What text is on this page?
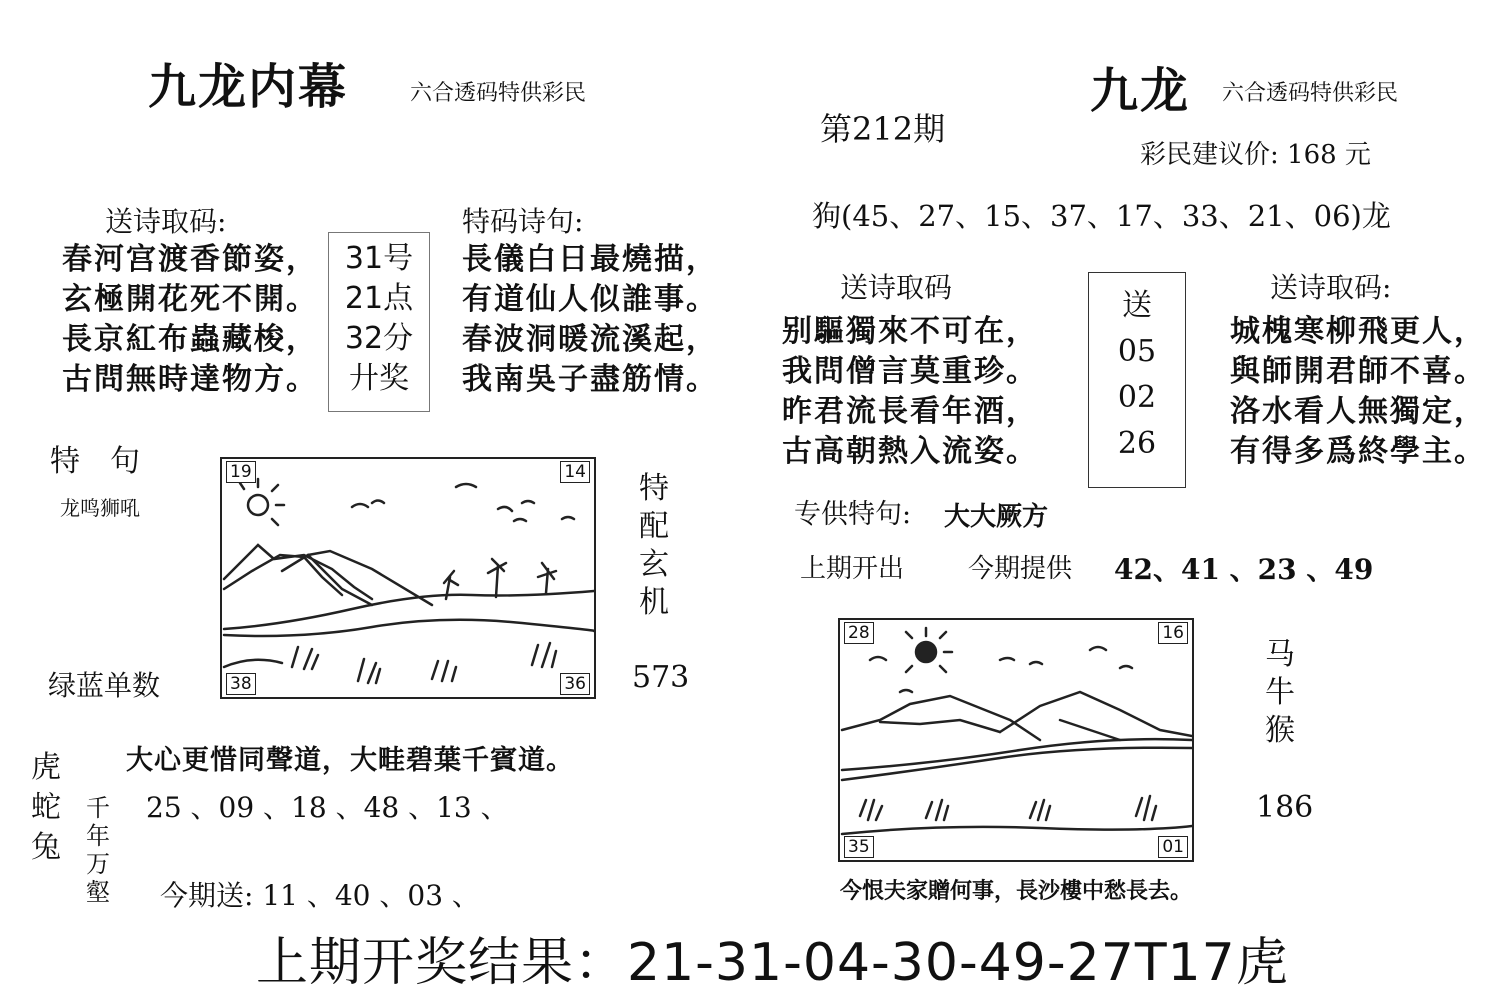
九龙内幕	六合透码特供彩民
送诗取码:
春河宫渡香節姿，
玄極開花死不開。
長京紅布蟲藏梭，
古問無時達物方。
31号
21点
32分
廾奖
特码诗句:
長儀白日最燒描，
有道仙人似誰事。
春波洞暖流溪起，
我南吳子盡筋情。
特　句
龙鸣狮吼
19	14
38	36
特
配
玄
机
绿蓝单数	573
大心更惜同聲道，大畦碧葉千賓道。
虎
蛇
兔
千
年
万
壑
25 、09 、18 、48 、13 、
今期送: 11 、40 、03 、
第212期
九龙 六合透码特供彩民
彩民建议价: 168 元
狗(45、27、15、37、17、33、21、06)龙
送诗取码
别驅獨來不可在，
我問僧言莫重珍。
昨君流長看年酒，
古高朝熱入流姿。
送
05
02
26
送诗取码:
城槐寒柳飛更人，
與師開君師不喜。
洛水看人無獨定，
有得多爲終學主。
专供特句: 大大厥方
上期开出 今期提供 42、41 、23 、49
28	16
35	01
马
牛
猴
186
今恨夫家贈何事，長沙樓中愁長去。
上期开奖结果：21-31-04-30-49-27T17虎
